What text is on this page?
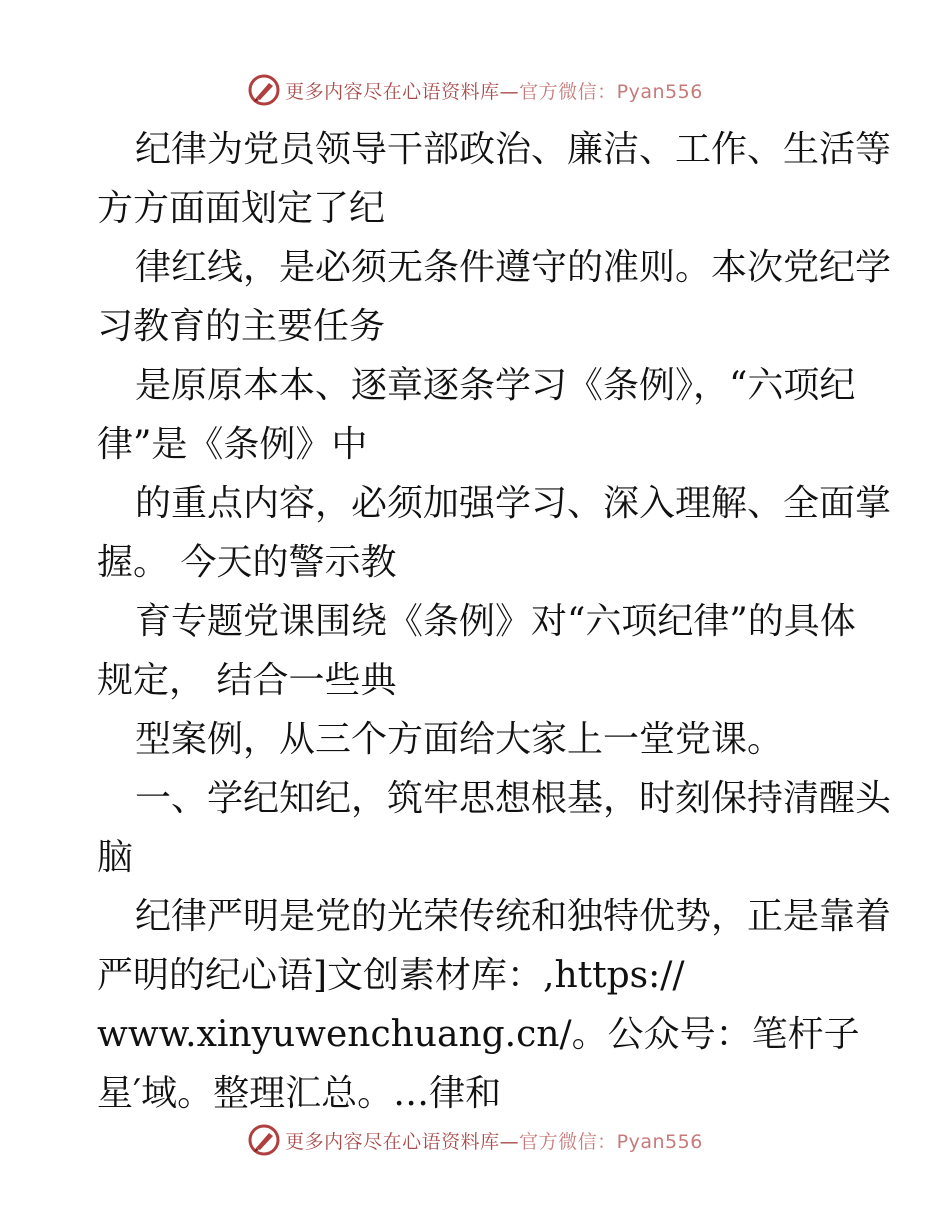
更多内容尽在心语资料库— 官方微信：Pyan556
纪律为党员领导干部政治、廉洁、工作、生活等
方方面面划定了纪
律红线，是必须无条件遵守的准则。本次党纪学
习教育的主要任务
是原原本本、逐章逐条学习《条例》，“六项纪
律”是《条例》中
的重点内容，必须加强学习、深入理解、全面掌
握。 今天的警示教
育专题党课围绕《条例》对“六项纪律”的具体
规定， 结合一些典
型案例，从三个方面给大家上一堂党课。
一、学纪知纪，筑牢思想根基，时刻保持清醒头
脑
纪律严明是党的光荣传统和独特优势，正是靠着
严明的纪心语]文创素材库：,https://
www.xinyuwenchuang.cn/。公众号：笔杆子
星′域。整理汇总。…律和
更多内容尽在心语资料库— 官方微信：Pyan556
